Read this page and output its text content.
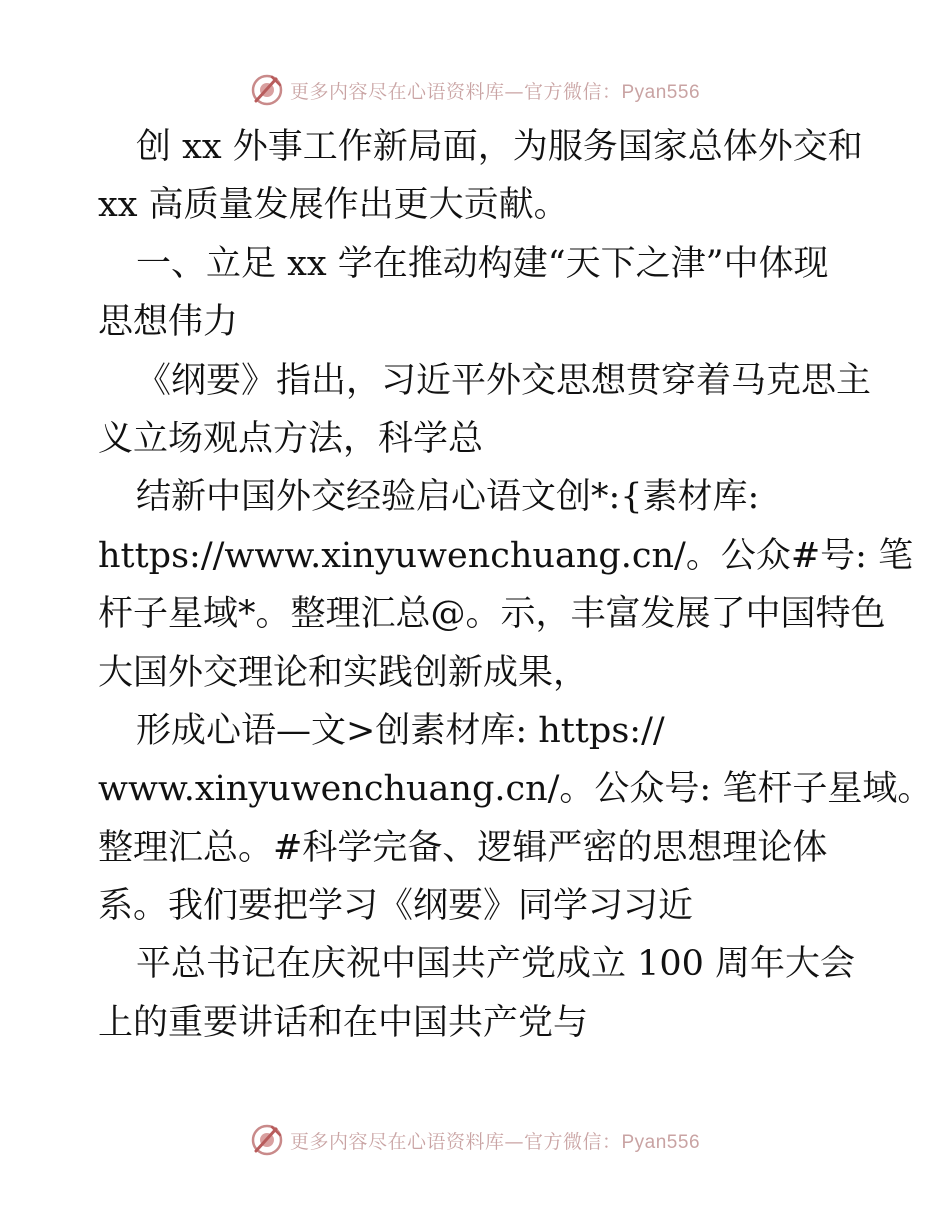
更多内容尽在心语资料库—官方微信：Pyan556
创 xx 外事工作新局面，为服务国家总体外交和
xx 高质量发展作出更大贡献。
一、立足 xx 学在推动构建“天下之津”中体现
思想伟力
《纲要》指出，习近平外交思想贯穿着马克思主
义立场观点方法，科学总
结新中国外交经验启心语文创*:{素材库:
https://www.xinyuwenchuang.cn/。公众#号: 笔
杆子星域*。整理汇总@。示，丰富发展了中国特色
大国外交理论和实践创新成果，
形成心语—文>创素材库: https://
www.xinyuwenchuang.cn/。公众号: 笔杆子星域。
整理汇总。#科学完备、逻辑严密的思想理论体
系。我们要把学习《纲要》同学习习近
平总书记在庆祝中国共产党成立 100 周年大会
上的重要讲话和在中国共产党与
更多内容尽在心语资料库—官方微信：Pyan556
